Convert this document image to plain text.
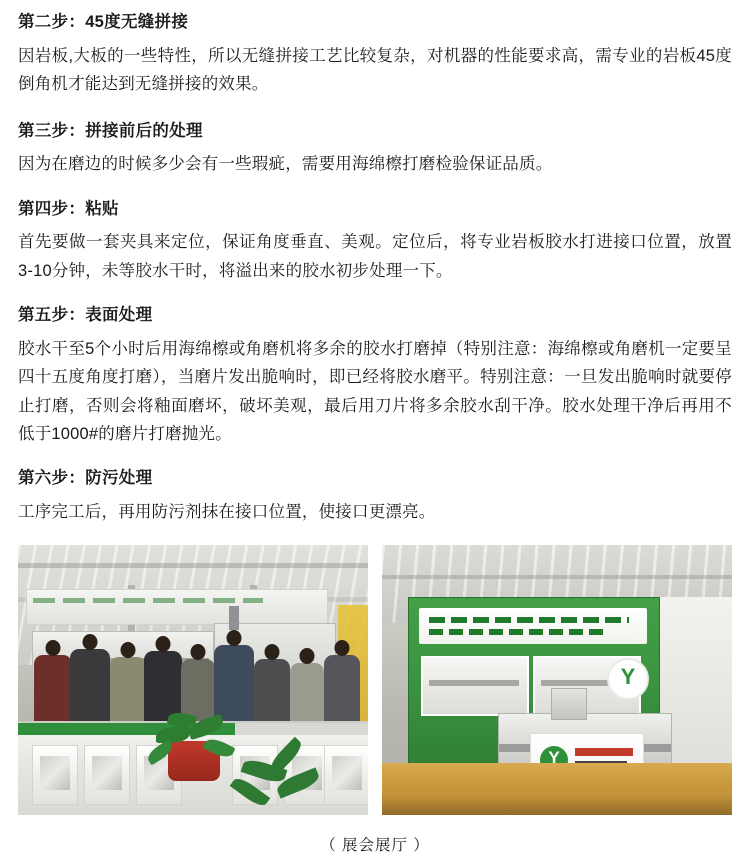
第二步：45度无缝拼接

因岩板,大板的一些特性，所以无缝拼接工艺比较复杂，对机器的性能要求高，需专业的岩板45度倒角机才能达到无缝拼接的效果。

第三步：拼接前后的处理

因为在磨边的时候多少会有一些瑕疵，需要用海绵檫打磨检验保证品质。

第四步：粘贴

首先要做一套夹具来定位，保证角度垂直、美观。定位后，将专业岩板胶水打进接口位置，放置3-10分钟，未等胶水干时，将溢出来的胶水初步处理一下。

第五步：表面处理

胶水干至5个小时后用海绵檫或角磨机将多余的胶水打磨掉（特别注意：海绵檫或角磨机一定要呈四十五度角度打磨），当磨片发出脆响时，即已经将胶水磨平。特别注意：一旦发出脆响时就要停止打磨，否则会将釉面磨坏，破坏美观，最后用刀片将多余胶水刮干净。胶水处理干净后再用不低于1000#的磨片打磨抛光。

第六步：防污处理

工序完工后，再用防污剂抹在接口位置，使接口更漂亮。

Y
Y
（ 展会展厅 ）
